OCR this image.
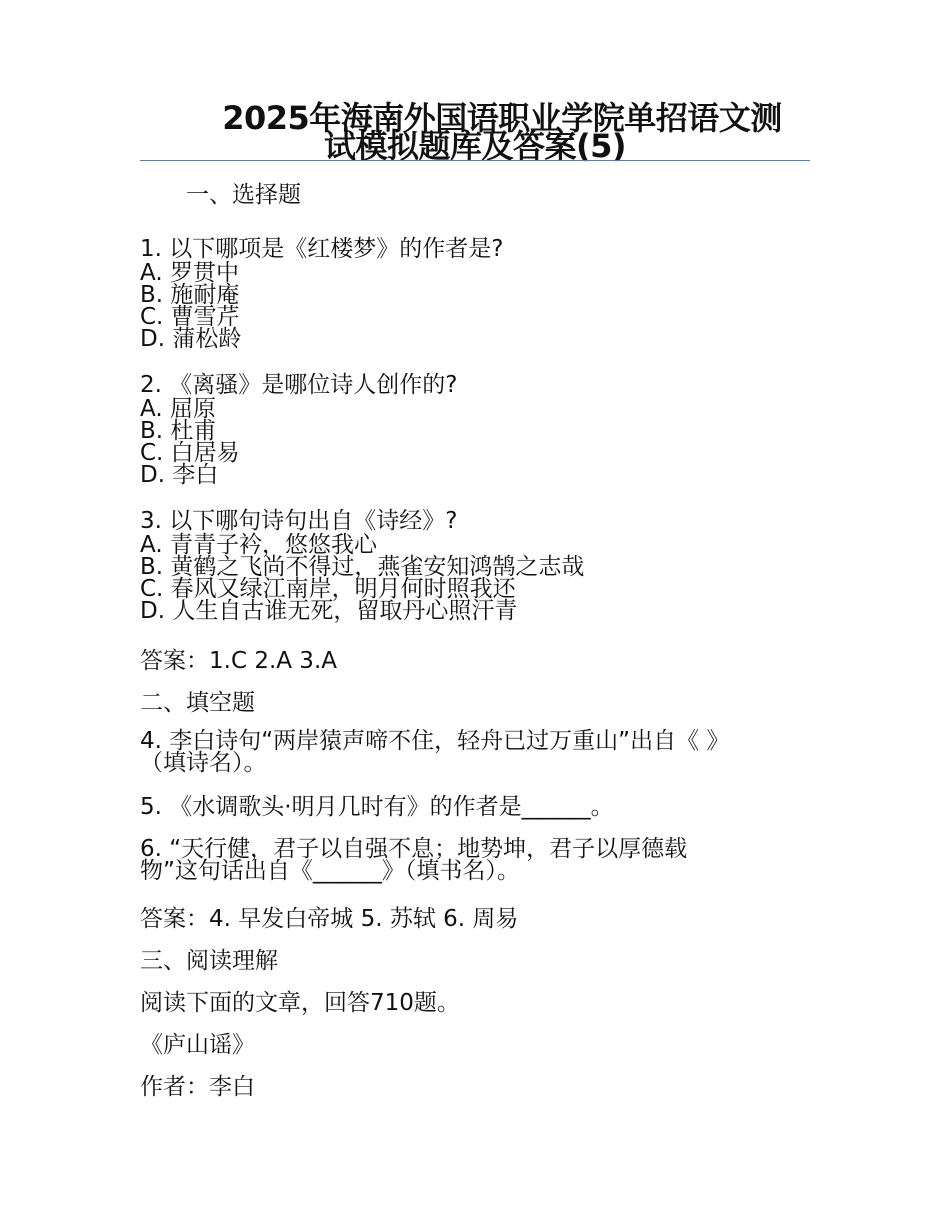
2025年海南外国语职业学院单招语文测
试模拟题库及答案(5)
一、选择题
1. 以下哪项是《红楼梦》的作者是?
A. 罗贯中
B. 施耐庵
C. 曹雪芹
D. 蒲松龄
2. 《离骚》是哪位诗人创作的?
A. 屈原
B. 杜甫
C. 白居易
D. 李白
3. 以下哪句诗句出自《诗经》?
A. 青青子衿，悠悠我心
B. 黄鹤之飞尚不得过，燕雀安知鸿鹄之志哉
C. 春风又绿江南岸，明月何时照我还
D. 人生自古谁无死，留取丹心照汗青
答案：1.C 2.A 3.A
二、填空题
4. 李白诗句“两岸猿声啼不住，轻舟已过万重山”出自《 》
（填诗名）。
5. 《水调歌头·明月几时有》的作者是______。
6. “天行健，君子以自强不息；地势坤，君子以厚德载
物”这句话出自《______》（填书名）。
答案：4. 早发白帝城 5. 苏轼 6. 周易
三、阅读理解
阅读下面的文章，回答710题。
《庐山谣》
作者：李白
